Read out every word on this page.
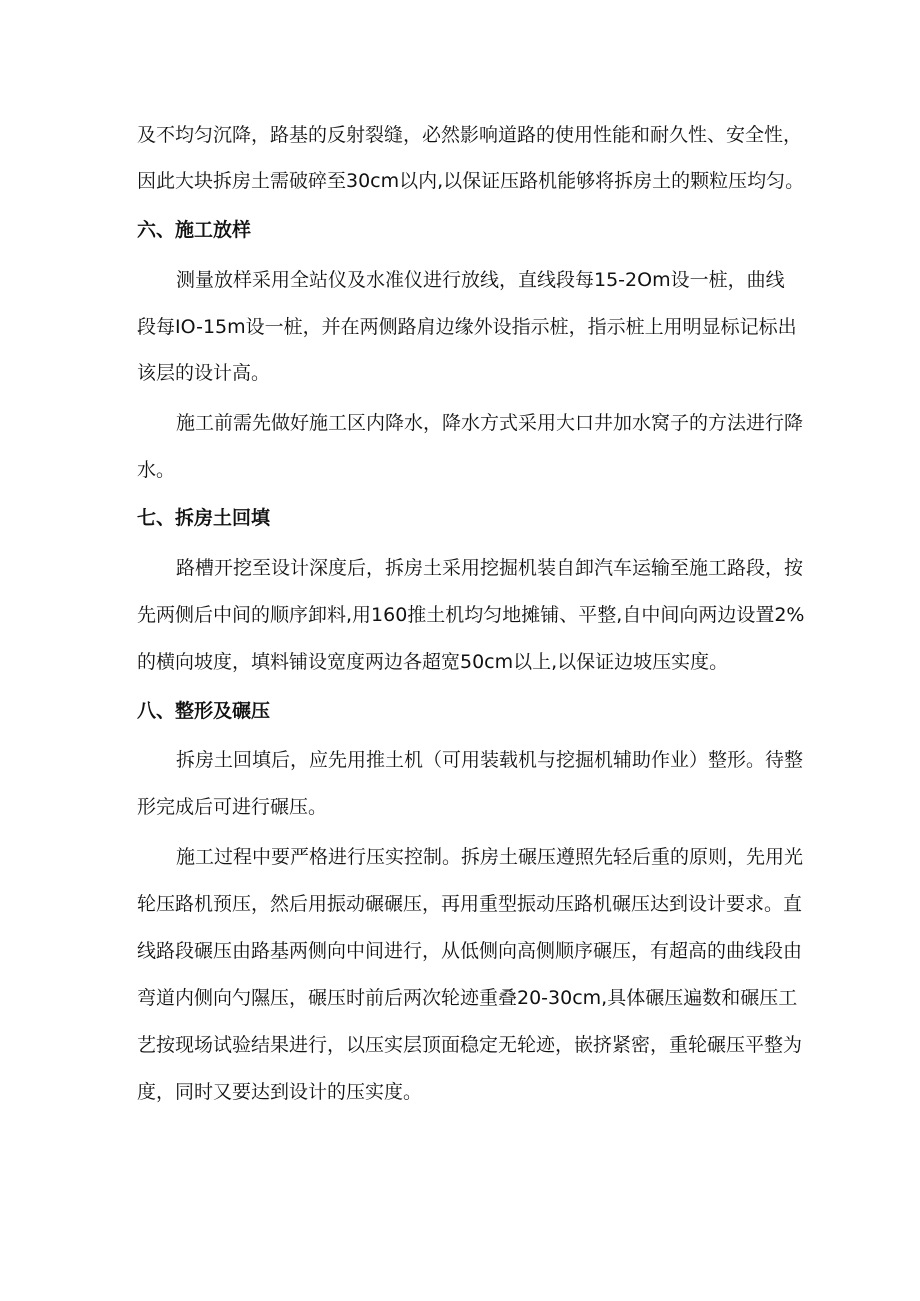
及不均匀沉降，路基的反射裂缝，必然影响道路的使用性能和耐久性、安全性，

因此大块拆房土需破碎至30cm以内,以保证压路机能够将拆房土的颗粒压均匀。

六、施工放样

测量放样采用全站仪及水准仪进行放线，直线段每15-2Om设一桩，曲线

段每IO-15m设一桩，并在两侧路肩边缘外设指示桩，指示桩上用明显标记标出

该层的设计高。

施工前需先做好施工区内降水，降水方式采用大口井加水窝子的方法进行降

水。

七、拆房土回填

路槽开挖至设计深度后，拆房土采用挖掘机装自卸汽车运输至施工路段，按

先两侧后中间的顺序卸料,用160推土机均匀地摊铺、平整,自中间向两边设置2%

的横向坡度，填料铺设宽度两边各超宽50cm以上,以保证边坡压实度。

八、整形及碾压

拆房土回填后，应先用推土机（可用装载机与挖掘机辅助作业）整形。待整

形完成后可进行碾压。

施工过程中要严格进行压实控制。拆房土碾压遵照先轻后重的原则，先用光

轮压路机预压，然后用振动碾碾压，再用重型振动压路机碾压达到设计要求。直

线路段碾压由路基两侧向中间进行，从低侧向高侧顺序碾压，有超高的曲线段由

弯道内侧向勺隰压，碾压时前后两次轮迹重叠20-30cm,具体碾压遍数和碾压工

艺按现场试验结果进行，以压实层顶面稳定无轮迹，嵌挤紧密，重轮碾压平整为

度，同时又要达到设计的压实度。
